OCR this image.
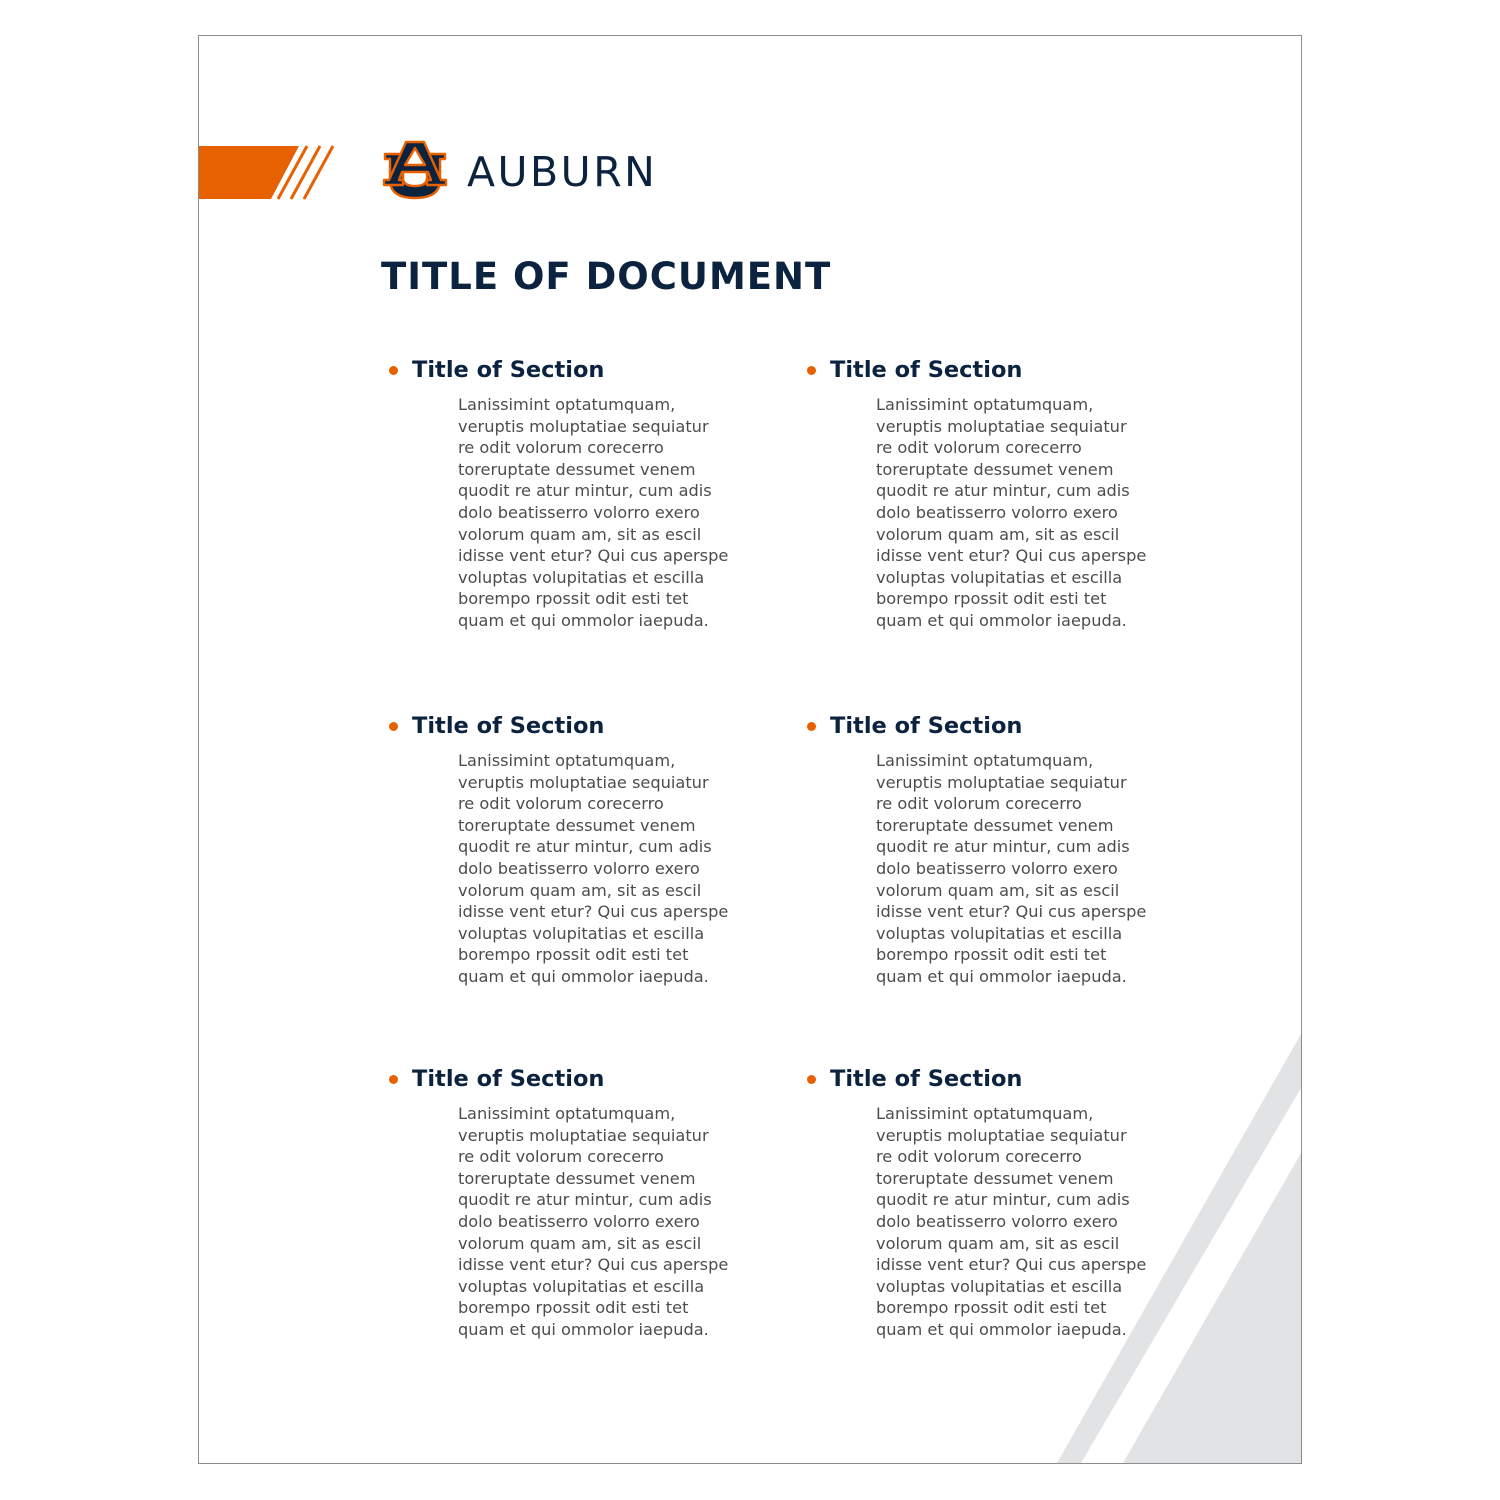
AUBURN
TITLE OF DOCUMENT
Title of Section
Lanissimint optatumquam,
veruptis moluptatiae sequiatur
re odit volorum corecerro
toreruptate dessumet venem
quodit re atur mintur, cum adis
dolo beatisserro volorro exero
volorum quam am, sit as escil
idisse vent etur? Qui cus aperspe
voluptas volupitatias et escilla
borempo rpossit odit esti tet
quam et qui ommolor iaepuda.
Title of Section
Lanissimint optatumquam,
veruptis moluptatiae sequiatur
re odit volorum corecerro
toreruptate dessumet venem
quodit re atur mintur, cum adis
dolo beatisserro volorro exero
volorum quam am, sit as escil
idisse vent etur? Qui cus aperspe
voluptas volupitatias et escilla
borempo rpossit odit esti tet
quam et qui ommolor iaepuda.
Title of Section
Lanissimint optatumquam,
veruptis moluptatiae sequiatur
re odit volorum corecerro
toreruptate dessumet venem
quodit re atur mintur, cum adis
dolo beatisserro volorro exero
volorum quam am, sit as escil
idisse vent etur? Qui cus aperspe
voluptas volupitatias et escilla
borempo rpossit odit esti tet
quam et qui ommolor iaepuda.
Title of Section
Lanissimint optatumquam,
veruptis moluptatiae sequiatur
re odit volorum corecerro
toreruptate dessumet venem
quodit re atur mintur, cum adis
dolo beatisserro volorro exero
volorum quam am, sit as escil
idisse vent etur? Qui cus aperspe
voluptas volupitatias et escilla
borempo rpossit odit esti tet
quam et qui ommolor iaepuda.
Title of Section
Lanissimint optatumquam,
veruptis moluptatiae sequiatur
re odit volorum corecerro
toreruptate dessumet venem
quodit re atur mintur, cum adis
dolo beatisserro volorro exero
volorum quam am, sit as escil
idisse vent etur? Qui cus aperspe
voluptas volupitatias et escilla
borempo rpossit odit esti tet
quam et qui ommolor iaepuda.
Title of Section
Lanissimint optatumquam,
veruptis moluptatiae sequiatur
re odit volorum corecerro
toreruptate dessumet venem
quodit re atur mintur, cum adis
dolo beatisserro volorro exero
volorum quam am, sit as escil
idisse vent etur? Qui cus aperspe
voluptas volupitatias et escilla
borempo rpossit odit esti tet
quam et qui ommolor iaepuda.
